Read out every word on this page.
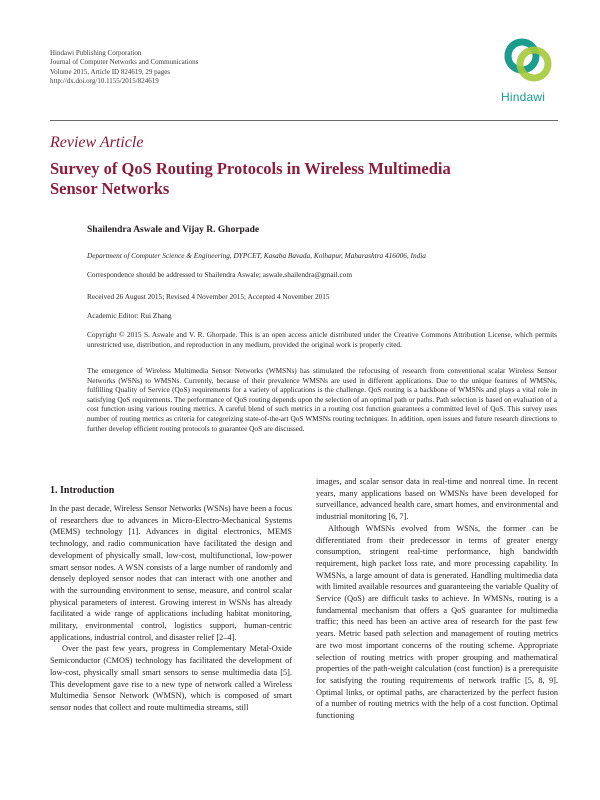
Hindawi Publishing Corporation
Journal of Computer Networks and Communications
Volume 2015, Article ID 824619, 29 pages
http://dx.doi.org/10.1155/2015/824619
Hindawi
Review Article
Survey of QoS Routing Protocols in Wireless Multimedia Sensor Networks
Shailendra Aswale and Vijay R. Ghorpade
Department of Computer Science & Engineering, DYPCET, Kasaba Bavada, Kolhapur, Maharashtra 416006, India
Correspondence should be addressed to Shailendra Aswale; aswale.shailendra@gmail.com
Received 26 August 2015; Revised 4 November 2015; Accepted 4 November 2015
Academic Editor: Rui Zhang
Copyright © 2015 S. Aswale and V. R. Ghorpade. This is an open access article distributed under the Creative Commons Attribution License, which permits unrestricted use, distribution, and reproduction in any medium, provided the original work is properly cited.
The emergence of Wireless Multimedia Sensor Networks (WMSNs) has stimulated the refocusing of research from conventional scalar Wireless Sensor Networks (WSNs) to WMSNs. Currently, because of their prevalence WMSNs are used in different applications. Due to the unique features of WMSNs, fulfilling Quality of Service (QoS) requirements for a variety of applications is the challenge. QoS routing is a backbone of WMSNs and plays a vital role in satisfying QoS requirements. The performance of QoS routing depends upon the selection of an optimal path or paths. Path selection is based on evaluation of a cost function using various routing metrics. A careful blend of such metrics in a routing cost function guarantees a committed level of QoS. This survey uses number of routing metrics as criteria for categorizing state-of-the-art QoS WMSNs routing techniques. In addition, open issues and future research directions to further develop efficient routing protocols to guarantee QoS are discussed.
1. Introduction

In the past decade, Wireless Sensor Networks (WSNs) have been a focus of researchers due to advances in Micro-Electro-Mechanical Systems (MEMS) technology [1]. Advances in digital electronics, MEMS technology, and radio communication have facilitated the design and development of physically small, low-cost, multifunctional, low-power smart sensor nodes. A WSN consists of a large number of randomly and densely deployed sensor nodes that can interact with one another and with the surrounding environment to sense, measure, and control scalar physical parameters of interest. Growing interest in WSNs has already facilitated a wide range of applications including habitat monitoring, military, environmental control, logistics support, human-centric applications, industrial control, and disaster relief [2–4].

Over the past few years, progress in Complementary Metal-Oxide Semiconductor (CMOS) technology has facilitated the development of low-cost, physically small smart sensors to sense multimedia data [5]. This development gave rise to a new type of network called a Wireless Multimedia Sensor Network (WMSN), which is composed of smart sensor nodes that collect and route multimedia streams, still

images, and scalar sensor data in real-time and nonreal time. In recent years, many applications based on WMSNs have been developed for surveillance, advanced health care, smart homes, and environmental and industrial monitoring [6, 7].

Although WMSNs evolved from WSNs, the former can be differentiated from their predecessor in terms of greater energy consumption, stringent real-time performance, high bandwidth requirement, high packet loss rate, and more processing capability. In WMSNs, a large amount of data is generated. Handling multimedia data with limited available resources and guaranteeing the variable Quality of Service (QoS) are difficult tasks to achieve. In WMSNs, routing is a fundamental mechanism that offers a QoS guarantee for multimedia traffic; this need has been an active area of research for the past few years. Metric based path selection and management of routing metrics are two most important concerns of the routing scheme. Appropriate selection of routing metrics with proper grouping and mathematical properties of the path-weight calculation (cost function) is a prerequisite for satisfying the routing requirements of network traffic [5, 8, 9]. Optimal links, or optimal paths, are characterized by the perfect fusion of a number of routing metrics with the help of a cost function. Optimal functioning
